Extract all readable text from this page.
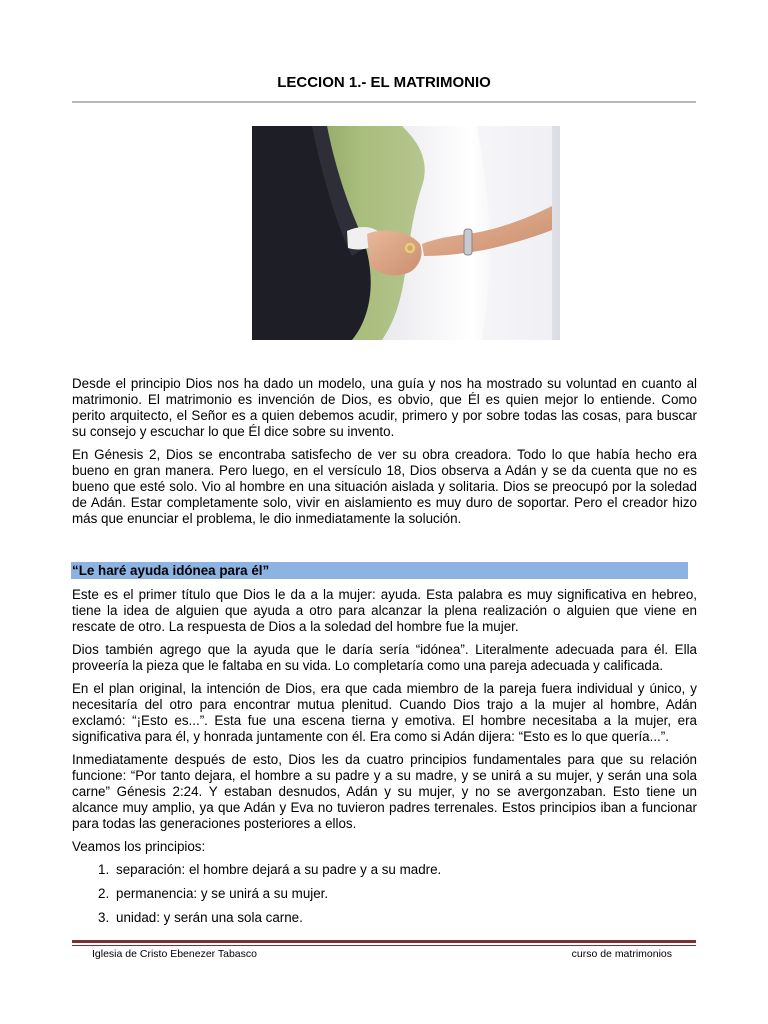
LECCION 1.- EL MATRIMONIO

Desde el principio Dios nos ha dado un modelo, una guía y nos ha mostrado su voluntad en cuanto al matrimonio. El matrimonio es invención de Dios, es obvio, que Él es quien mejor lo entiende. Como perito arquitecto, el Señor es a quien debemos acudir, primero y por sobre todas las cosas, para buscar su consejo y escuchar lo que Él dice sobre su invento.

En Génesis 2, Dios se encontraba satisfecho de ver su obra creadora. Todo lo que había hecho era bueno en gran manera. Pero luego, en el versículo 18, Dios observa a Adán y se da cuenta que no es bueno que esté solo. Vio al hombre en una situación aislada y solitaria. Dios se preocupó por la soledad de Adán. Estar completamente solo, vivir en aislamiento es muy duro de soportar. Pero el creador hizo más que enunciar el problema, le dio inmediatamente la solución.

“Le haré ayuda idónea para él”

Este es el primer título que Dios le da a la mujer: ayuda. Esta palabra es muy significativa en hebreo, tiene la idea de alguien que ayuda a otro para alcanzar la plena realización o alguien que viene en rescate de otro. La respuesta de Dios a la soledad del hombre fue la mujer.

Dios también agrego que la ayuda que le daría sería “idónea”. Literalmente adecuada para él. Ella proveería la pieza que le faltaba en su vida. Lo completaría como una pareja adecuada y calificada.

En el plan original, la intención de Dios, era que cada miembro de la pareja fuera individual y único, y necesitaría del otro para encontrar mutua plenitud. Cuando Dios trajo a la mujer al hombre, Adán exclamó: “¡Esto es...”. Esta fue una escena tierna y emotiva. El hombre necesitaba a la mujer, era significativa para él, y honrada juntamente con él. Era como si Adán dijera: “Esto es lo que quería...”.

Inmediatamente después de esto, Dios les da cuatro principios fundamentales para que su relación funcione: “Por tanto dejara, el hombre a su padre y a su madre, y se unirá a su mujer, y serán una sola carne” Génesis 2:24. Y estaban desnudos, Adán y su mujer, y no se avergonzaban. Esto tiene un alcance muy amplio, ya que Adán y Eva no tuvieron padres terrenales. Estos principios iban a funcionar para todas las generaciones posteriores a ellos.

Veamos los principios:

1. separación: el hombre dejará a su padre y a su madre.
2. permanencia: y se unirá a su mujer.
3. unidad: y serán una sola carne.
Iglesia de Cristo Ebenezer Tabasco	curso de matrimonios
